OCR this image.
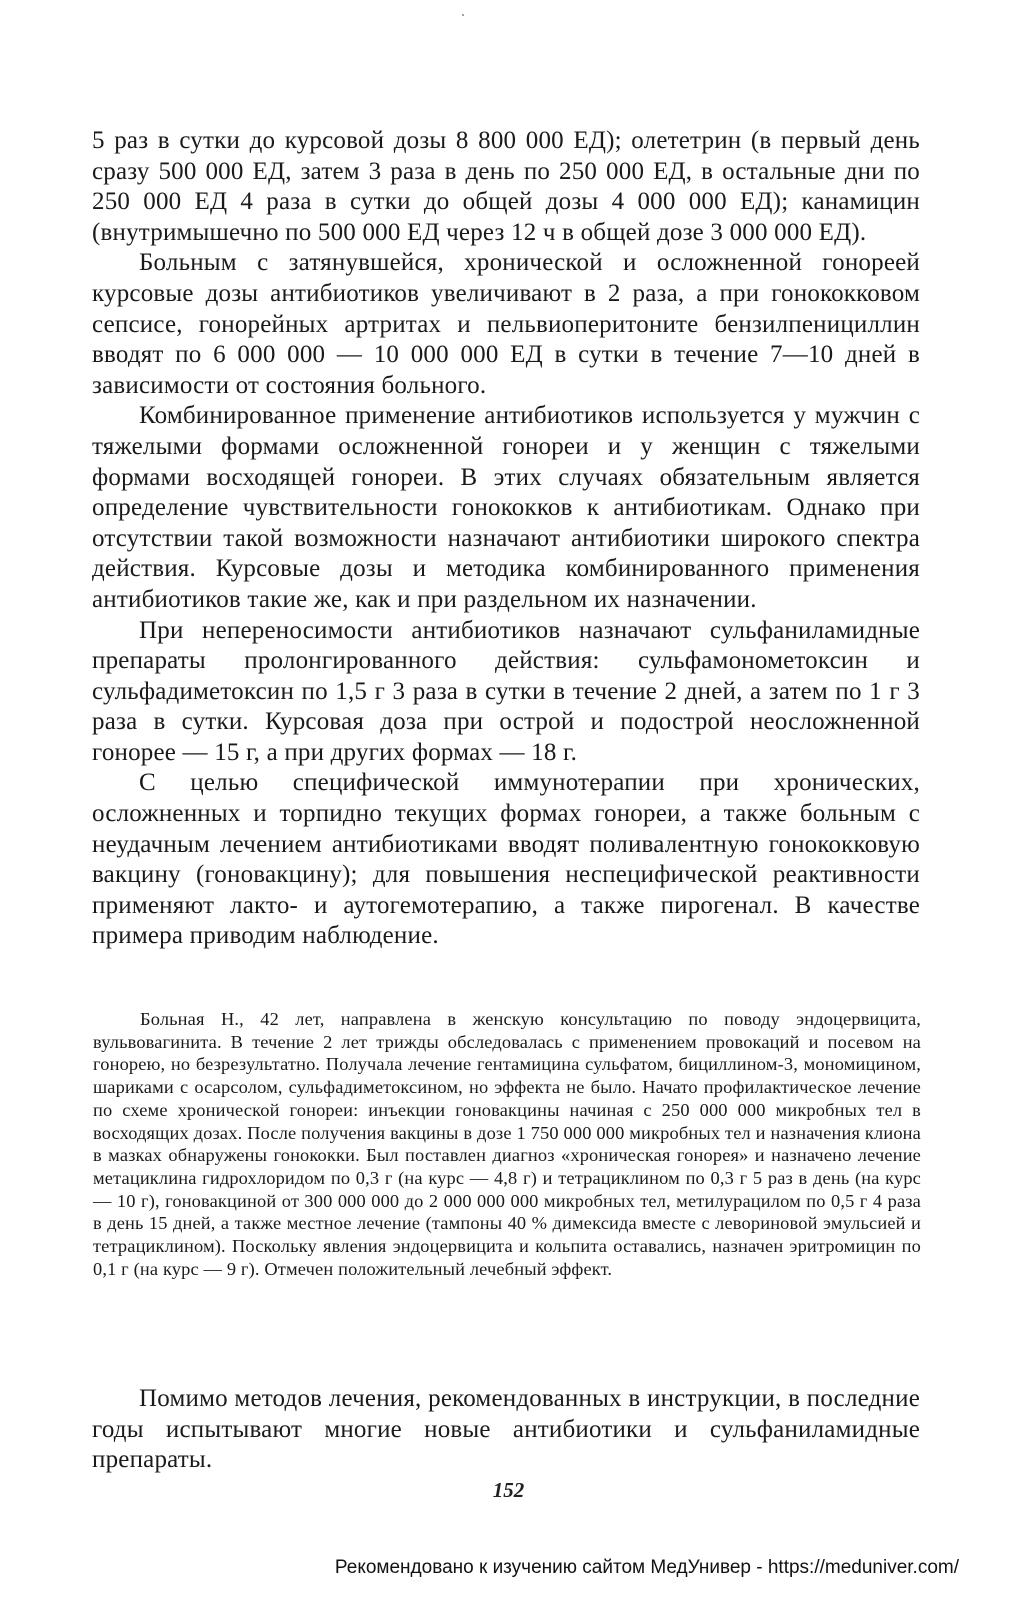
5 раз в сутки до курсовой дозы 8 800 000 ЕД); олететрин (в первый день сразу 500 000 ЕД, затем 3 раза в день по 250 000 ЕД, в остальные дни по 250 000 ЕД 4 раза в сутки до общей дозы 4 000 000 ЕД); канамицин (внутримышечно по 500 000 ЕД через 12 ч в общей дозе 3 000 000 ЕД).

Больным с затянувшейся, хронической и осложненной гонореей курсовые дозы антибиотиков увеличивают в 2 раза, а при гонококковом сепсисе, гонорейных артритах и пельвиоперитоните бензилпенициллин вводят по 6 000 000 — 10 000 000 ЕД в сутки в течение 7—10 дней в зависимости от состояния больного.

Комбинированное применение антибиотиков используется у мужчин с тяжелыми формами осложненной гонореи и у женщин с тяжелыми формами восходящей гонореи. В этих случаях обязательным является определение чувствительности гонококков к антибиотикам. Однако при отсутствии такой возможности назначают антибиотики широкого спектра действия. Курсовые дозы и методика комбинированного применения антибиотиков такие же, как и при раздельном их назначении.

При непереносимости антибиотиков назначают сульфаниламидные препараты пролонгированного действия: сульфамонометоксин и сульфадиметоксин по 1,5 г 3 раза в сутки в течение 2 дней, а затем по 1 г 3 раза в сутки. Курсовая доза при острой и подострой неосложненной гонорее — 15 г, а при других формах — 18 г.

С целью специфической иммунотерапии при хронических, осложненных и торпидно текущих формах гонореи, а также больным с неудачным лечением антибиотиками вводят поливалентную гонококковую вакцину (гоновакцину); для повышения неспецифической реактивности применяют лакто- и аутогемотерапию, а также пирогенал. В качестве примера приводим наблюдение.

Больная Н., 42 лет, направлена в женскую консультацию по поводу эндоцервицита, вульвовагинита. В течение 2 лет трижды обследовалась с применением провокаций и посевом на гонорею, но безрезультатно. Получала лечение гентамицина сульфатом, бициллином-3, мономицином, шариками с осарсолом, сульфадиметоксином, но эффекта не было. Начато профилактическое лечение по схеме хронической гонореи: инъекции гоновакцины начиная с 250 000 000 микробных тел в восходящих дозах. После получения вакцины в дозе 1 750 000 000 микробных тел и назначения клиона в мазках обнаружены гонококки. Был поставлен диагноз «хроническая гонорея» и назначено лечение метациклина гидрохлоридом по 0,3 г (на курс — 4,8 г) и тетрациклином по 0,3 г 5 раз в день (на курс — 10 г), гоновакциной от 300 000 000 до 2 000 000 000 микробных тел, метилурацилом по 0,5 г 4 раза в день 15 дней, а также местное лечение (тампоны 40 % димексида вместе с левориновой эмульсией и тетрациклином). Поскольку явления эндоцервицита и кольпита оставались, назначен эритромицин по 0,1 г (на курс — 9 г). Отмечен положительный лечебный эффект.

Помимо методов лечения, рекомендованных в инструкции, в последние годы испытывают многие новые антибиотики и сульфаниламидные препараты.

152
Рекомендовано к изучению сайтом МедУнивер - https://meduniver.com/
